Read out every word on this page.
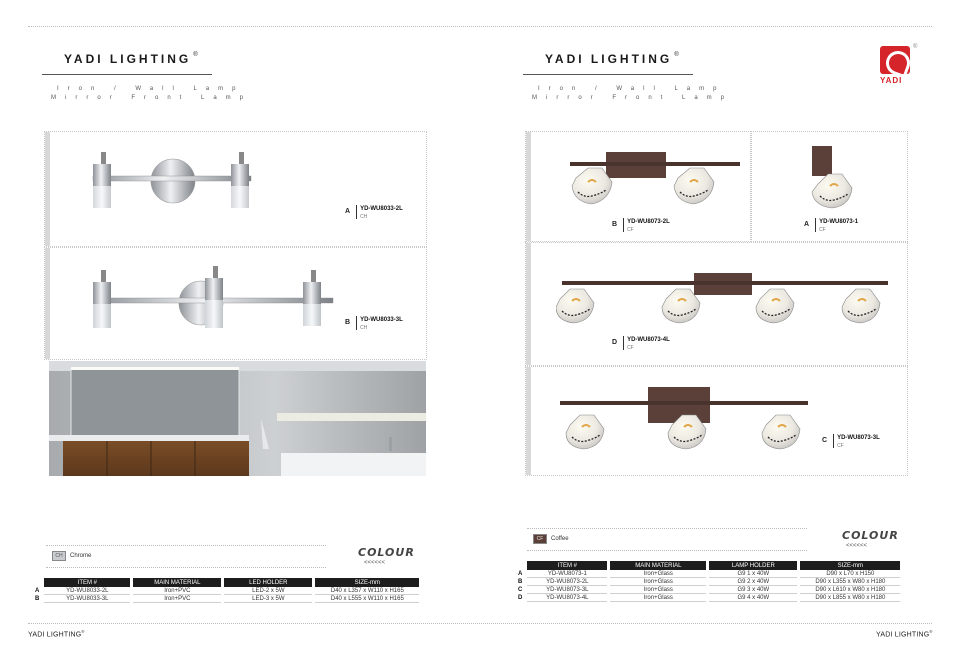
YADI LIGHTING ®
Iron / Wall Lamp
Mirror Front Lamp
A YD-WU8033-2L
CH
B YD-WU8033-3L
CH
CH	Chrome	COLOUR
<<<<<<
	ITEM #	MAIN MATERIAL	LED HOLDER	SIZE-mm
A	YD-WU8033-2L	Iron+PVC	LED-2 x 5W	D40 x L357 x W110 x H165
B	YD-WU8033-3L	Iron+PVC	LED-3 x 5W	D40 x L555 x W110 x H165
YADI LIGHTING®
YADI LIGHTING ®
Iron / Wall Lamp
Mirror Front Lamp
YADI
®
B YD-WU8073-2L
CF
A YD-WU8073-1
CF
D YD-WU8073-4L
CF
C YD-WU8073-3L
CF
CF	Coffee	COLOUR
<<<<<<
	ITEM #	MAIN MATERIAL	LAMP HOLDER	SIZE-mm
A	YD-WU8073-1	Iron+Glass	G9 1 x 40W	D90 x L70 x H150
B	YD-WU8073-2L	Iron+Glass	G9 2 x 40W	D90 x L355 x W80 x H180
C	YD-WU8073-3L	Iron+Glass	G9 3 x 40W	D90 x L610 x W80 x H180
D	YD-WU8073-4L	Iron+Glass	G9 4 x 40W	D90 x L855 x W80 x H180
YADI LIGHTING®
